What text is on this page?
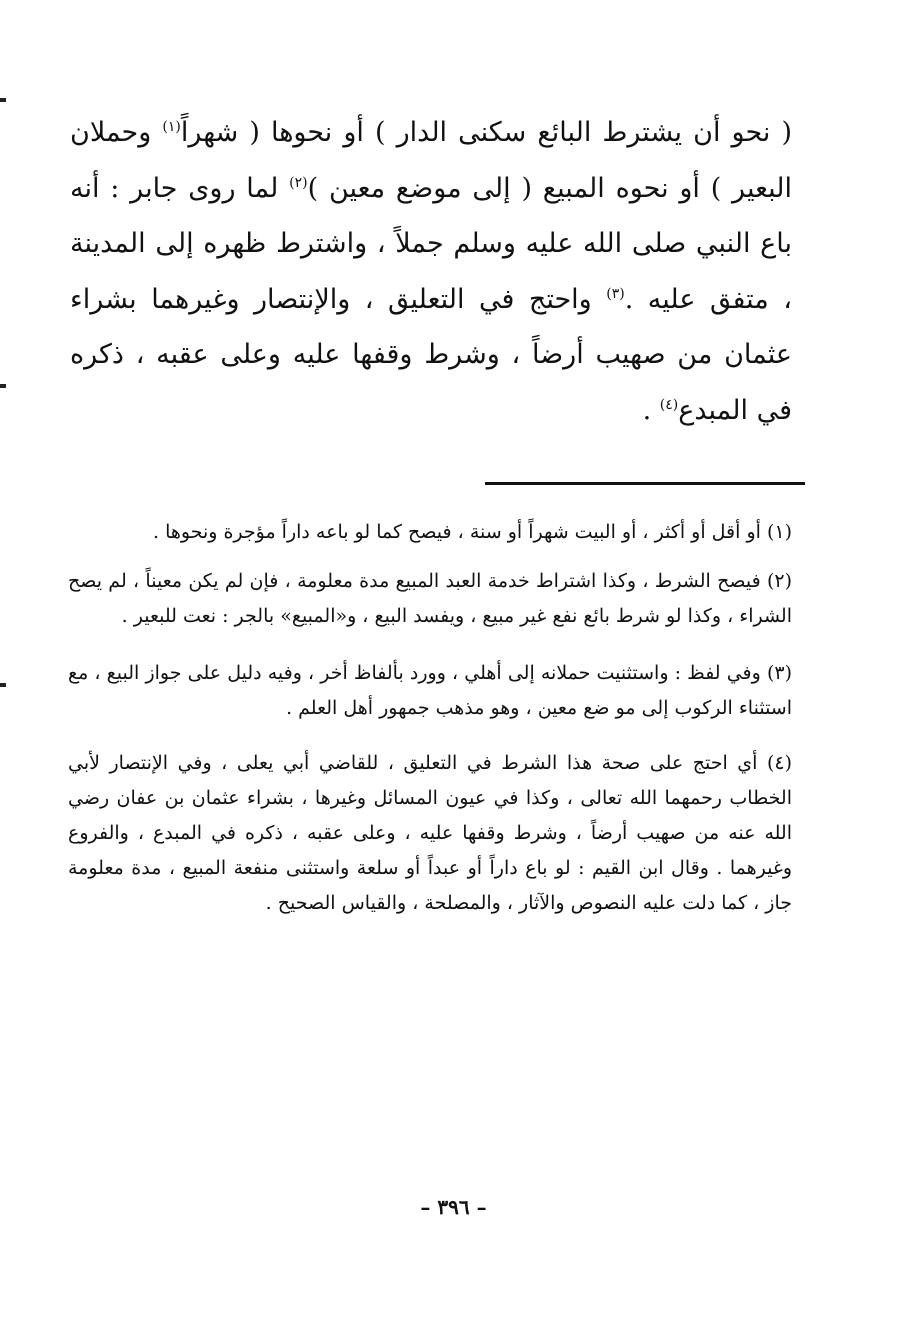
( نحو أن يشترط البائع سكنى الدار ) أو نحوها ( شهراً$^{(١)}$ وحملان البعير ) أو نحوه المبيع ( إلى موضع معين )$^{(٢)}$ لما روى جابر : أنه باع النبي صلى الله عليه وسلم جملاً ، واشترط ظهره إلى المدينة ، متفق عليه .$^{(٣)}$ واحتج في التعليق ، والإنتصار وغيرهما بشراء عثمان من صهيب أرضاً ، وشرط وقفها عليه وعلى عقبه ، ذكره في المبدع$^{(٤)}$ .

(١) أو أقل أو أكثر ، أو البيت شهراً أو سنة ، فيصح كما لو باعه داراً مؤجرة ونحوها .

(٢) فيصح الشرط ، وكذا اشتراط خدمة العبد المبيع مدة معلومة ، فإن لم يكن معيناً ، لم يصح الشراء ، وكذا لو شرط بائع نفع غير مبيع ، ويفسد البيع ، و«المبيع» بالجر : نعت للبعير .

(٣) وفي لفظ : واستثنيت حملانه إلى أهلي ، وورد بألفاظ أخر ، وفيه دليل على جواز البيع ، مع استثناء الركوب إلى مو ضع معين ، وهو مذهب جمهور أهل العلم .

(٤) أي احتج على صحة هذا الشرط في التعليق ، للقاضي أبي يعلى ، وفي الإنتصار لأبي الخطاب رحمهما الله تعالى ، وكذا في عيون المسائل وغيرها ، بشراء عثمان بن عفان رضي الله عنه من صهيب أرضاً ، وشرط وقفها عليه ، وعلى عقبه ، ذكره في المبدع ، والفروع وغيرهما . وقال ابن القيم : لو باع داراً أو عبداً أو سلعة واستثنى منفعة المبيع ، مدة معلومة جاز ، كما دلت عليه النصوص والآثار ، والمصلحة ، والقياس الصحيح .

– ٣٩٦ –
